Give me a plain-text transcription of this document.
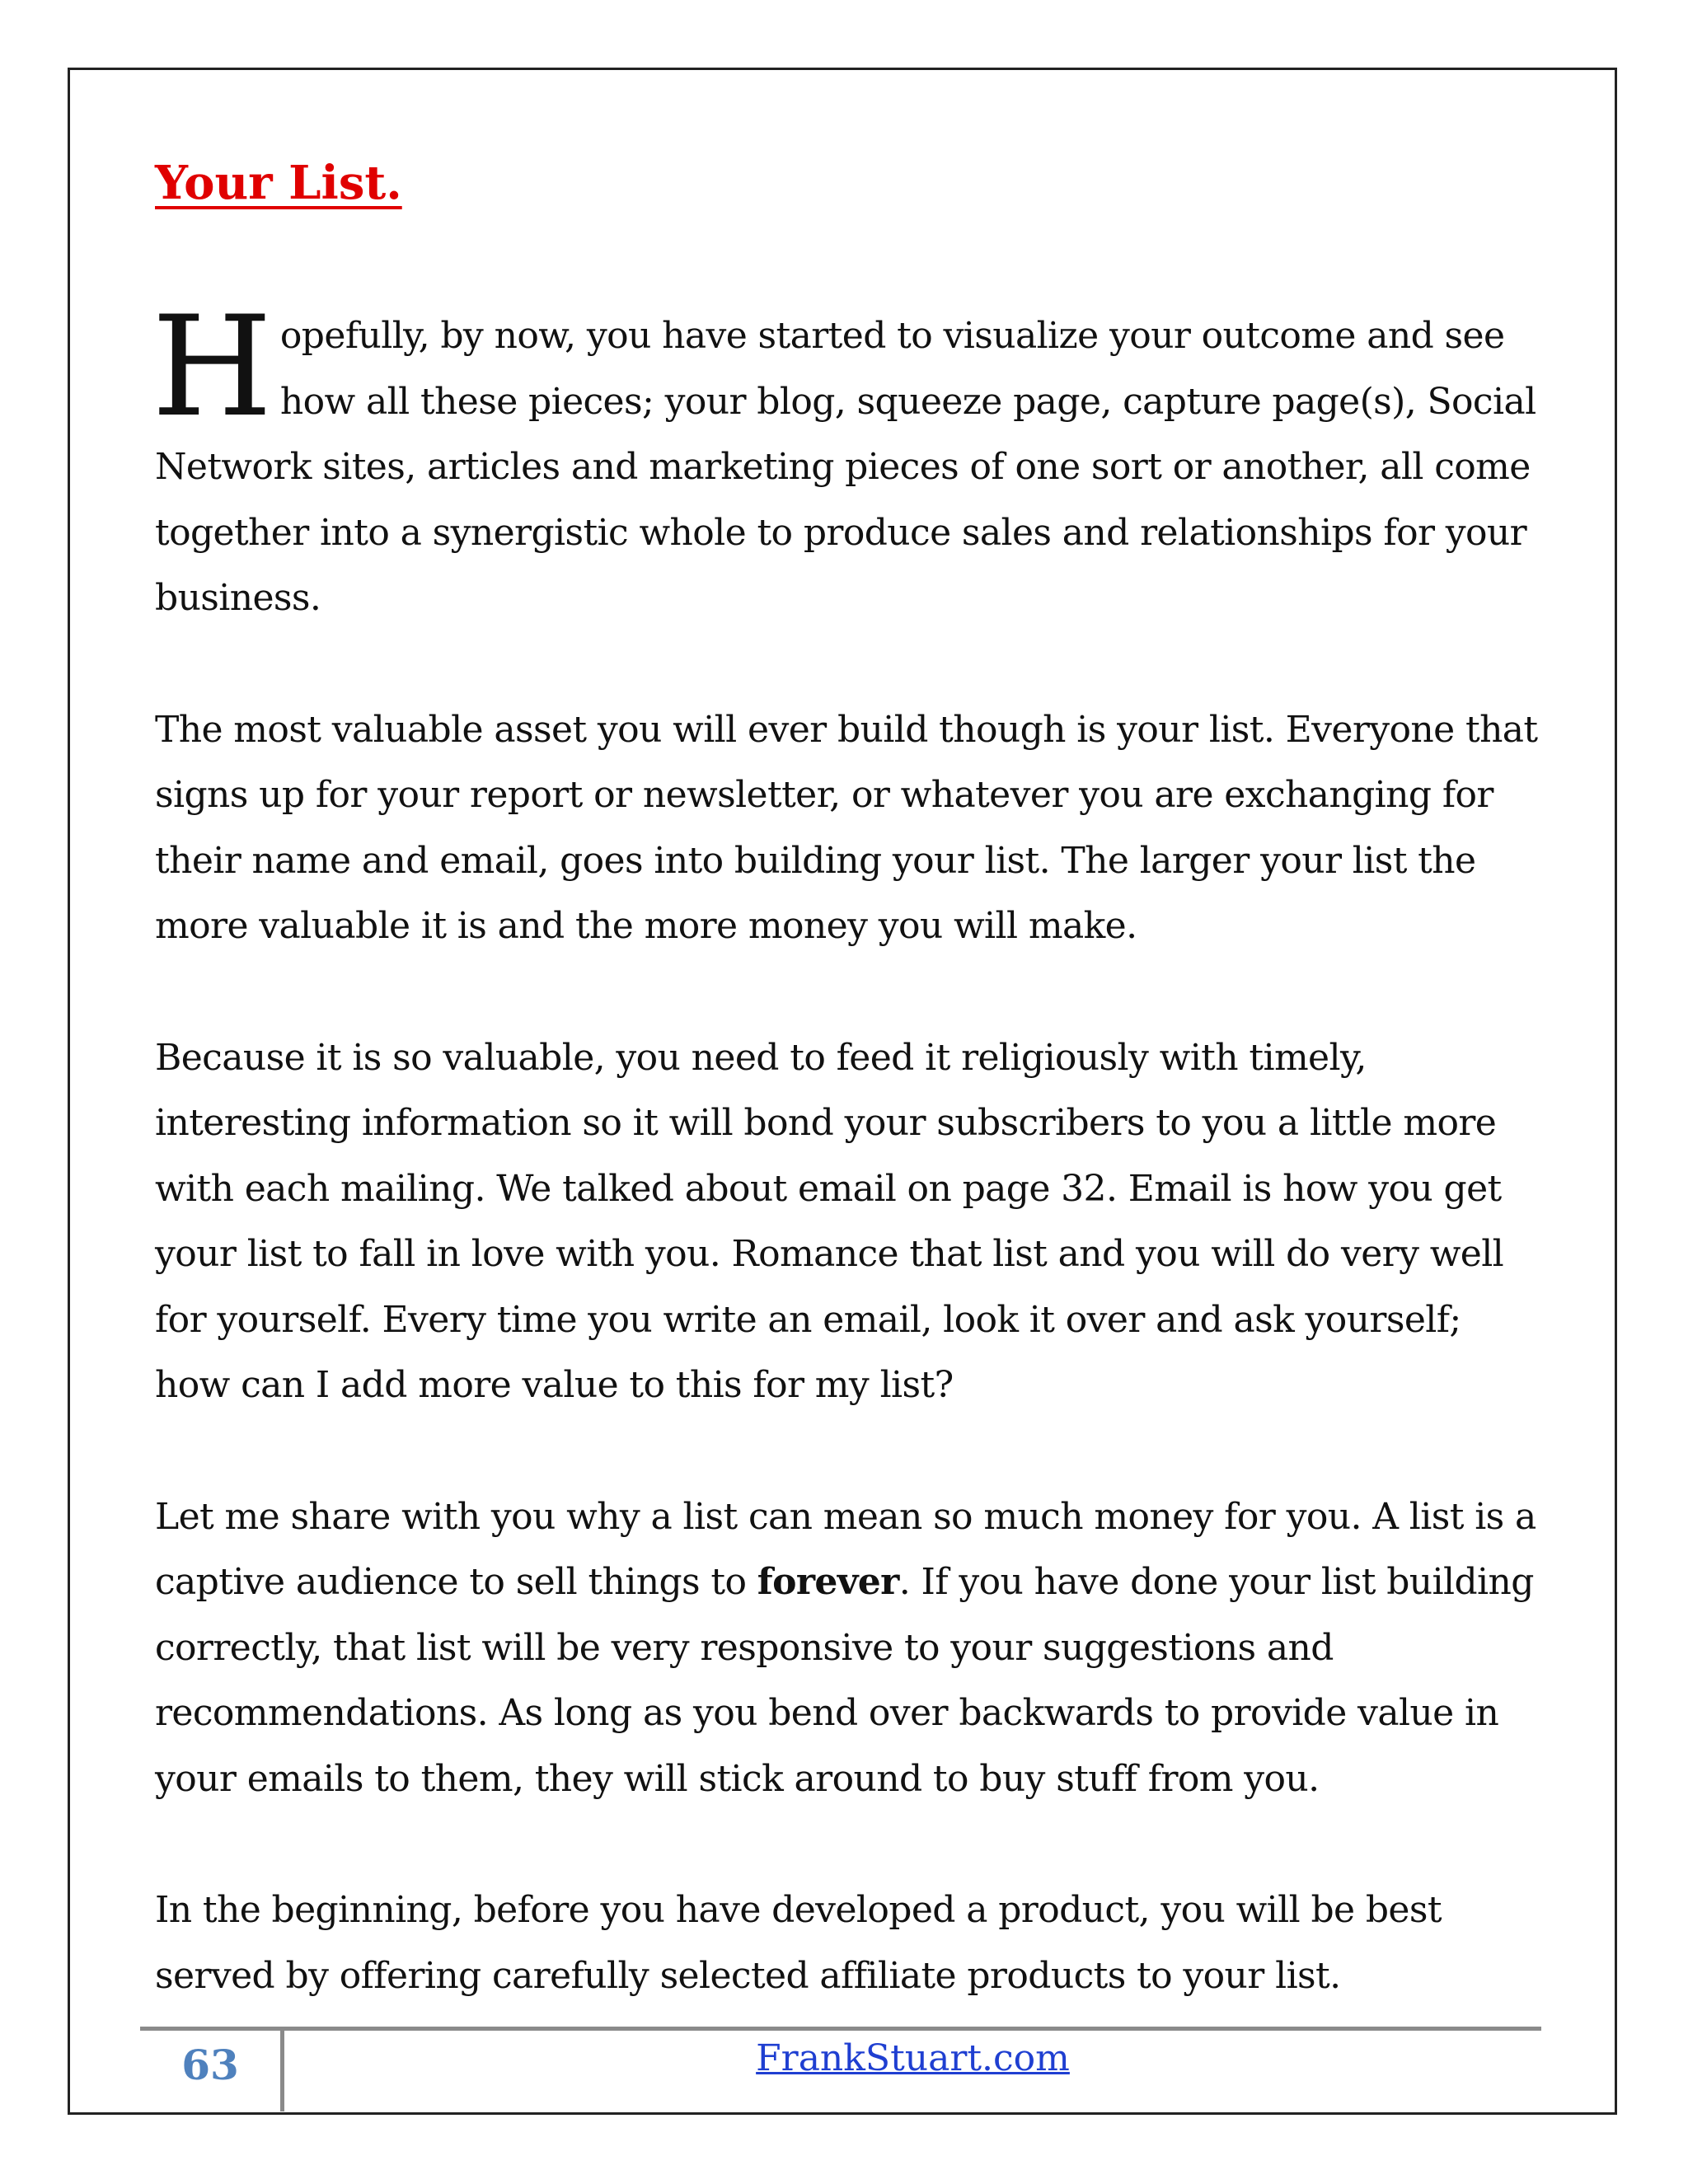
Your List.

Hopefully, by now, you have started to visualize your outcome and see how all these pieces; your blog, squeeze page, capture page(s), Social Network sites, articles and marketing pieces of one sort or another, all come together into a synergistic whole to produce sales and relationships for your business.

The most valuable asset you will ever build though is your list. Everyone that signs up for your report or newsletter, or whatever you are exchanging for their name and email, goes into building your list. The larger your list the more valuable it is and the more money you will make.

Because it is so valuable, you need to feed it religiously with timely, interesting information so it will bond your subscribers to you a little more with each mailing. We talked about email on page 32. Email is how you get your list to fall in love with you. Romance that list and you will do very well for yourself. Every time you write an email, look it over and ask yourself; how can I add more value to this for my list?

Let me share with you why a list can mean so much money for you. A list is a captive audience to sell things to forever. If you have done your list building correctly, that list will be very responsive to your suggestions and recommendations. As long as you bend over backwards to provide value in your emails to them, they will stick around to buy stuff from you.

In the beginning, before you have developed a product, you will be best served by offering carefully selected affiliate products to your list.

63	FrankStuart.com
